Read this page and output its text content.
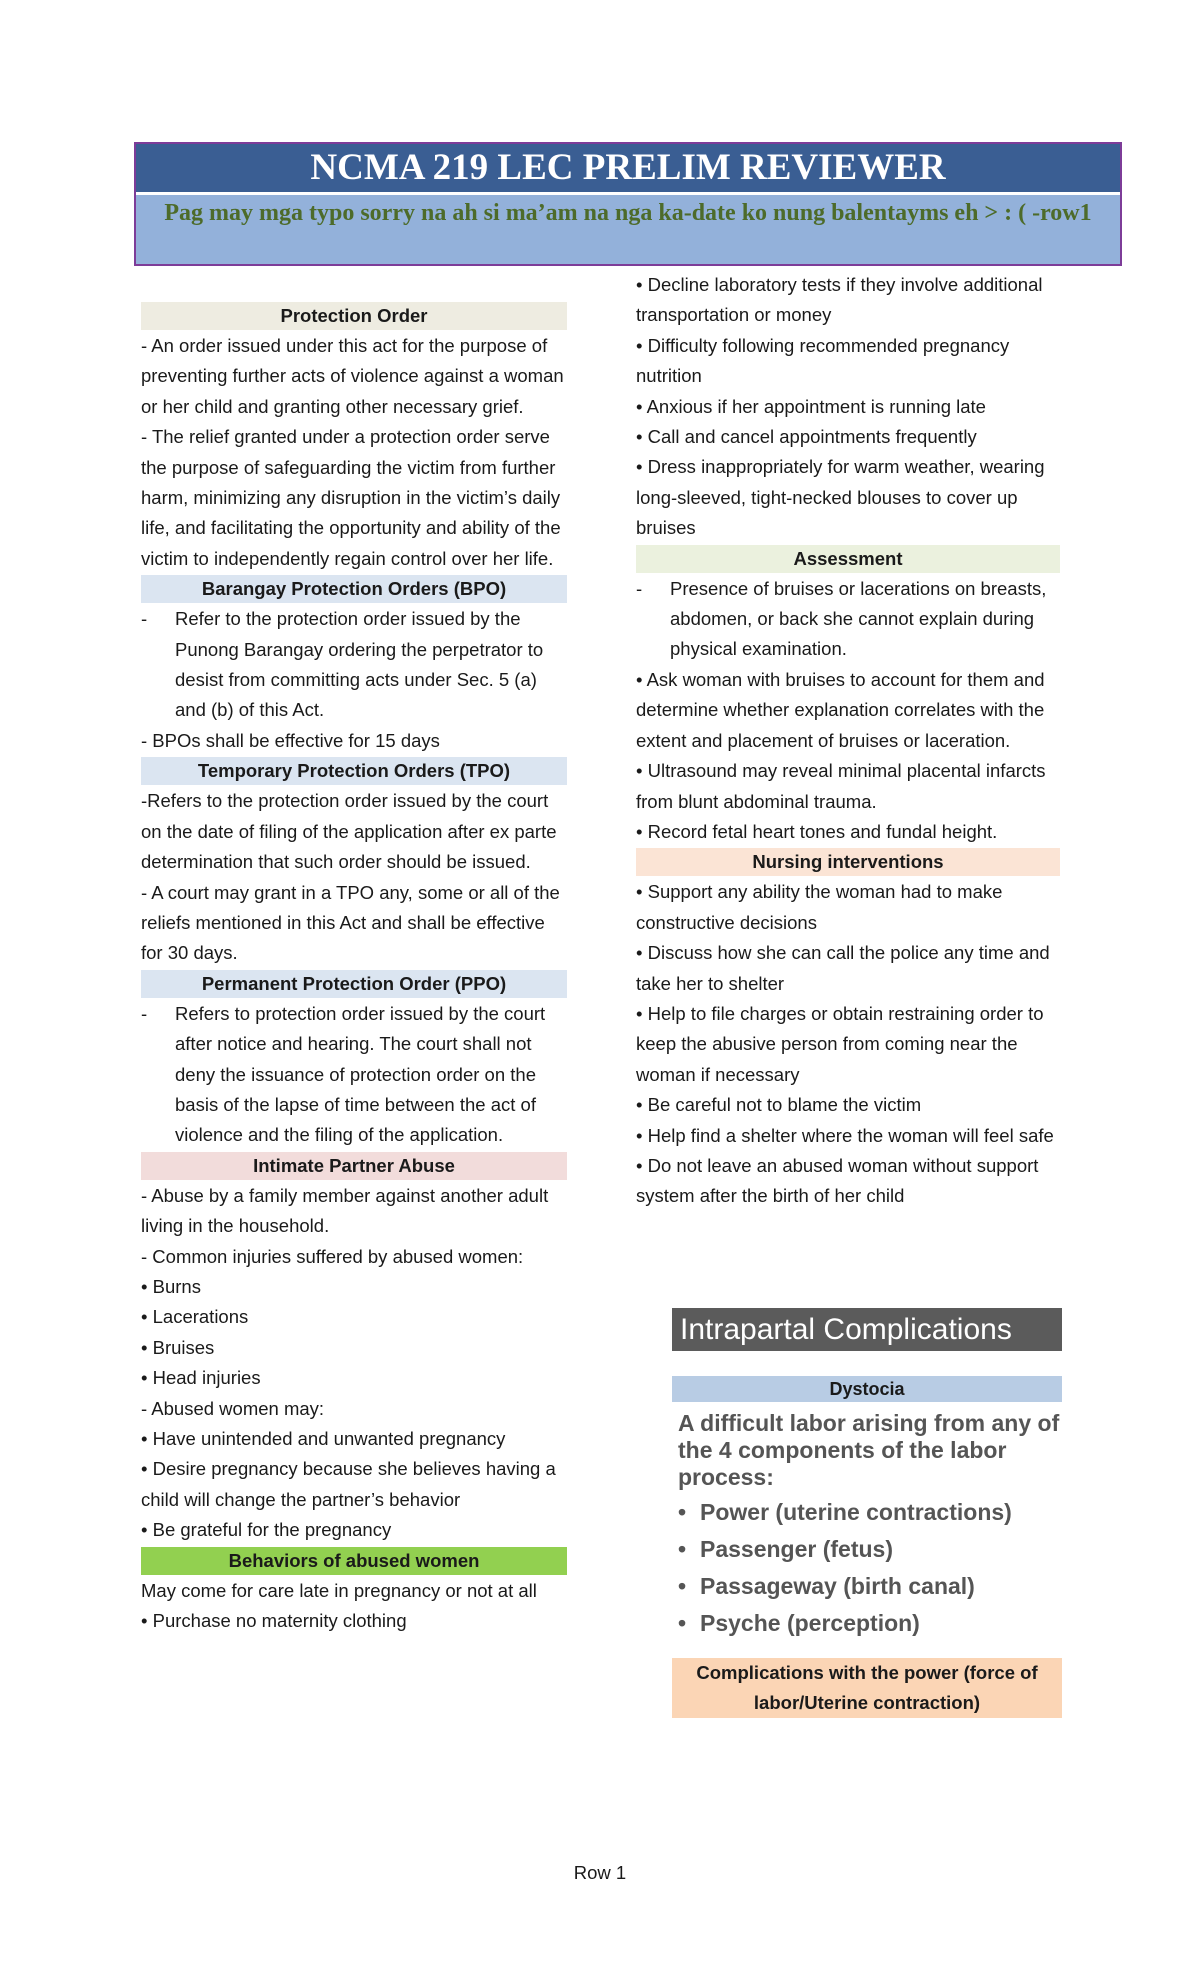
NCMA 219 LEC PRELIM REVIEWER
Pag may mga typo sorry na ah si ma’am na nga ka-date ko nung balentayms eh > : ( -row1
Protection Order

- An order issued under this act for the purpose of preventing further acts of violence against a woman or her child and granting other necessary grief.

- The relief granted under a protection order serve the purpose of safeguarding the victim from further harm, minimizing any disruption in the victim’s daily life, and facilitating the opportunity and ability of the victim to independently regain control over her life.

Barangay Protection Orders (BPO)
-	Refer to the protection order issued by the Punong Barangay ordering the perpetrator to desist from committing acts under Sec. 5 (a) and (b) of this Act.

- BPOs shall be effective for 15 days

Temporary Protection Orders (TPO)

-Refers to the protection order issued by the court on the date of filing of the application after ex parte determination that such order should be issued.

- A court may grant in a TPO any, some or all of the reliefs mentioned in this Act and shall be effective for 30 days.

Permanent Protection Order (PPO)
-	Refers to protection order issued by the court after notice and hearing. The court shall not deny the issuance of protection order on the basis of the lapse of time between the act of violence and the filing of the application.
Intimate Partner Abuse

- Abuse by a family member against another adult living in the household.

- Common injuries suffered by abused women:

• Burns

• Lacerations

• Bruises

• Head injuries

- Abused women may:

• Have unintended and unwanted pregnancy

• Desire pregnancy because she believes having a child will change the partner’s behavior

• Be grateful for the pregnancy

Behaviors of abused women

May come for care late in pregnancy or not at all

• Purchase no maternity clothing

• Decline laboratory tests if they involve additional

transportation or money

• Difficulty following recommended pregnancy nutrition

• Anxious if her appointment is running late

• Call and cancel appointments frequently

• Dress inappropriately for warm weather, wearing long-sleeved, tight-necked blouses to cover up bruises

Assessment
-	Presence of bruises or lacerations on breasts, abdomen, or back she cannot explain during physical examination.

• Ask woman with bruises to account for them and determine whether explanation correlates with the extent and placement of bruises or laceration.

• Ultrasound may reveal minimal placental infarcts from blunt abdominal trauma.

• Record fetal heart tones and fundal height.

Nursing interventions

• Support any ability the woman had to make constructive decisions

• Discuss how she can call the police any time and take her to shelter

• Help to file charges or obtain restraining order to keep the abusive person from coming near the woman if necessary

• Be careful not to blame the victim

• Help find a shelter where the woman will feel safe

• Do not leave an abused woman without support system after the birth of her child

Intrapartal Complications
Dystocia

A difficult labor arising from any of the 4 components of the labor process:

• Power (uterine contractions)
• Passenger (fetus)
• Passageway (birth canal)
• Psyche (perception)
Complications with the power (force of labor/Uterine contraction)
Row 1
